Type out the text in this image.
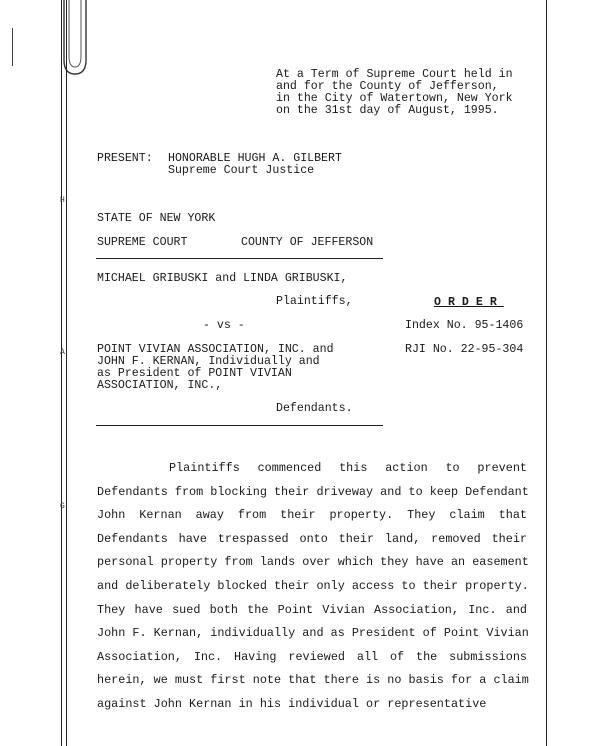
H
A
G
At a Term of Supreme Court held in
and for the County of Jefferson,
in the City of Watertown, New York
on the 31st day of August, 1995.
PRESENT: HONORABLE HUGH A. GILBERT
Supreme Court Justice
STATE OF NEW YORK
SUPREME COURT	COUNTY OF JEFFERSON
MICHAEL GRIBUSKI and LINDA GRIBUSKI,
Plaintiffs,
- vs -
POINT VIVIAN ASSOCIATION, INC. and
JOHN F. KERNAN, Individually and
as President of POINT VIVIAN
ASSOCIATION, INC.,
Defendants.
ORDER
Index No. 95-1406
RJI No. 22-95-304

Plaintiffs commenced this action to prevent

Defendants from blocking their driveway and to keep Defendant

John Kernan away from their property. They claim that

Defendants have trespassed onto their land, removed their

personal property from lands over which they have an easement

and deliberately blocked their only access to their property.

They have sued both the Point Vivian Association, Inc. and

John F. Kernan, individually and as President of Point Vivian

Association, Inc. Having reviewed all of the submissions

herein, we must first note that there is no basis for a claim

against John Kernan in his individual or representative
